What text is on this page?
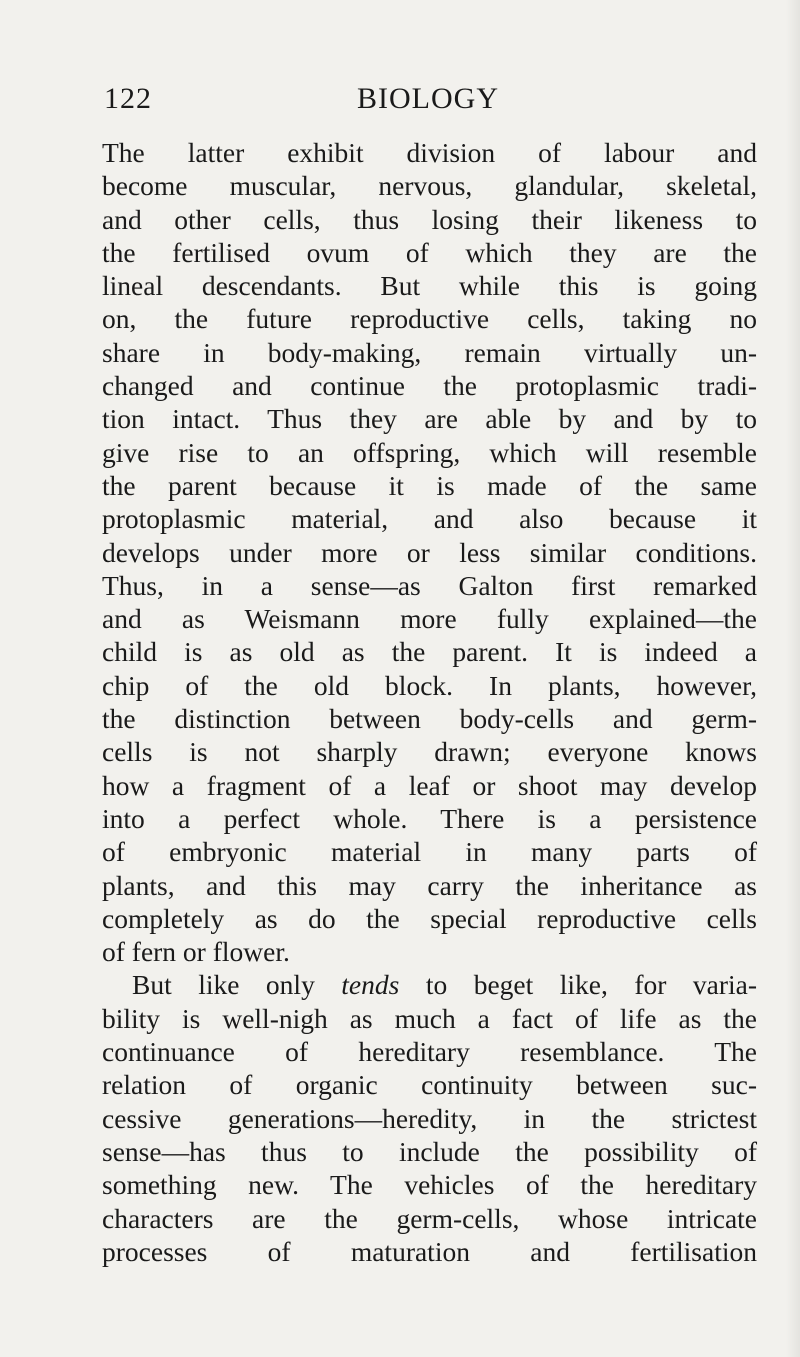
122	BIOLOGY
The latter exhibit division of labour and
become muscular, nervous, glandular, skeletal,
and other cells, thus losing their likeness to
the fertilised ovum of which they are the
lineal descendants. But while this is going
on, the future reproductive cells, taking no
share in body-making, remain virtually un-
changed and continue the protoplasmic tradi-
tion intact. Thus they are able by and by to
give rise to an offspring, which will resemble
the parent because it is made of the same
protoplasmic material, and also because it
develops under more or less similar conditions.
Thus, in a sense—as Galton first remarked
and as Weismann more fully explained—the
child is as old as the parent. It is indeed a
chip of the old block. In plants, however,
the distinction between body-cells and germ-
cells is not sharply drawn; everyone knows
how a fragment of a leaf or shoot may develop
into a perfect whole. There is a persistence
of embryonic material in many parts of
plants, and this may carry the inheritance as
completely as do the special reproductive cells
of fern or flower.
But like only tends to beget like, for varia-
bility is well-nigh as much a fact of life as the
continuance of hereditary resemblance. The
relation of organic continuity between suc-
cessive generations—heredity, in the strictest
sense—has thus to include the possibility of
something new. The vehicles of the hereditary
characters are the germ-cells, whose intricate
processes of maturation and fertilisation
